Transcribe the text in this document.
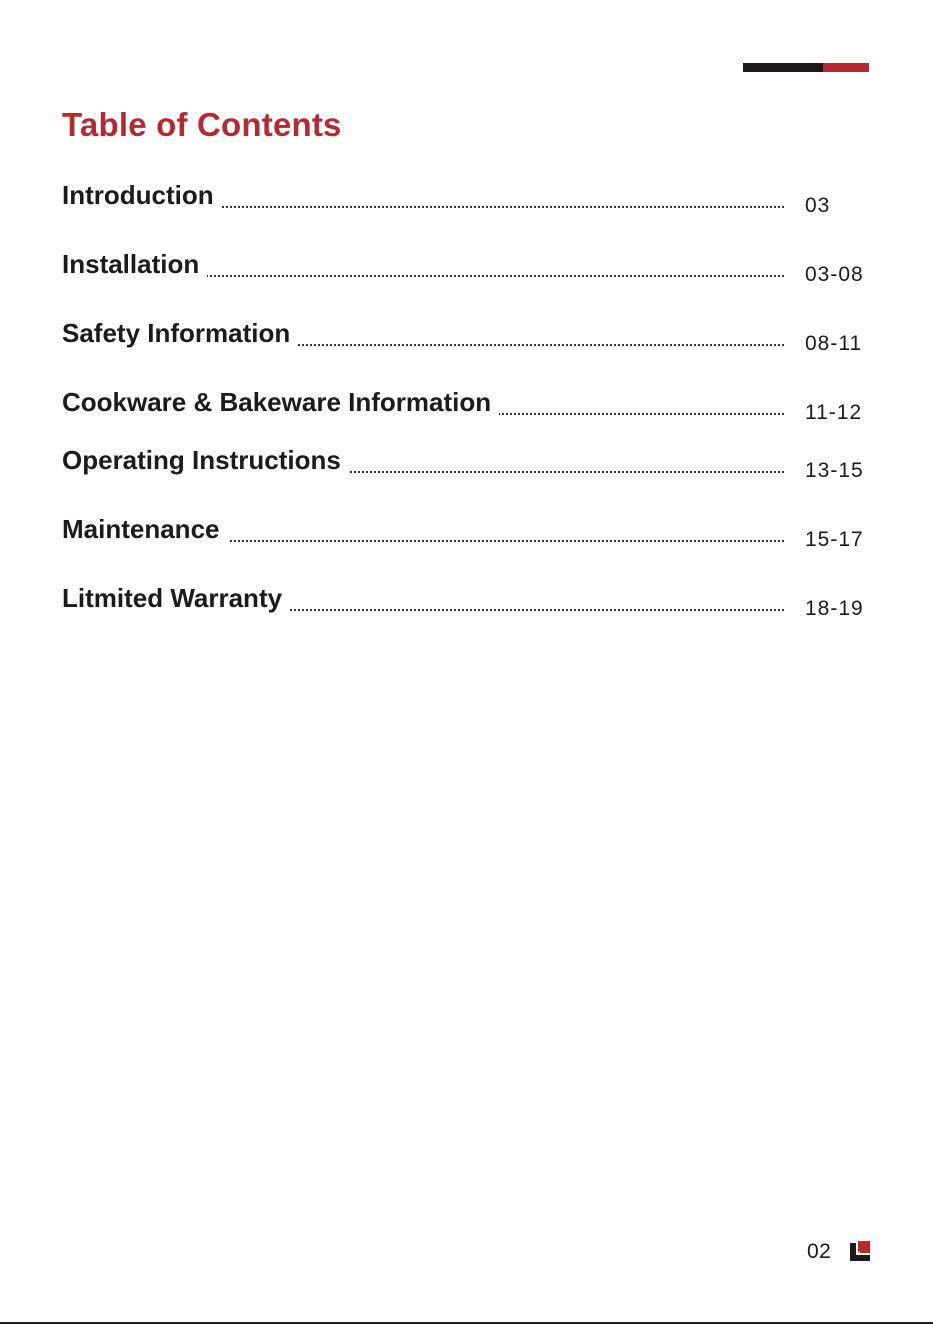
Table of Contents
Introduction	03
Installation	03-08
Safety Information	08-11
Cookware & Bakeware Information	11-12
Operating Instructions	13-15
Maintenance	15-17
Litmited Warranty	18-19
02
